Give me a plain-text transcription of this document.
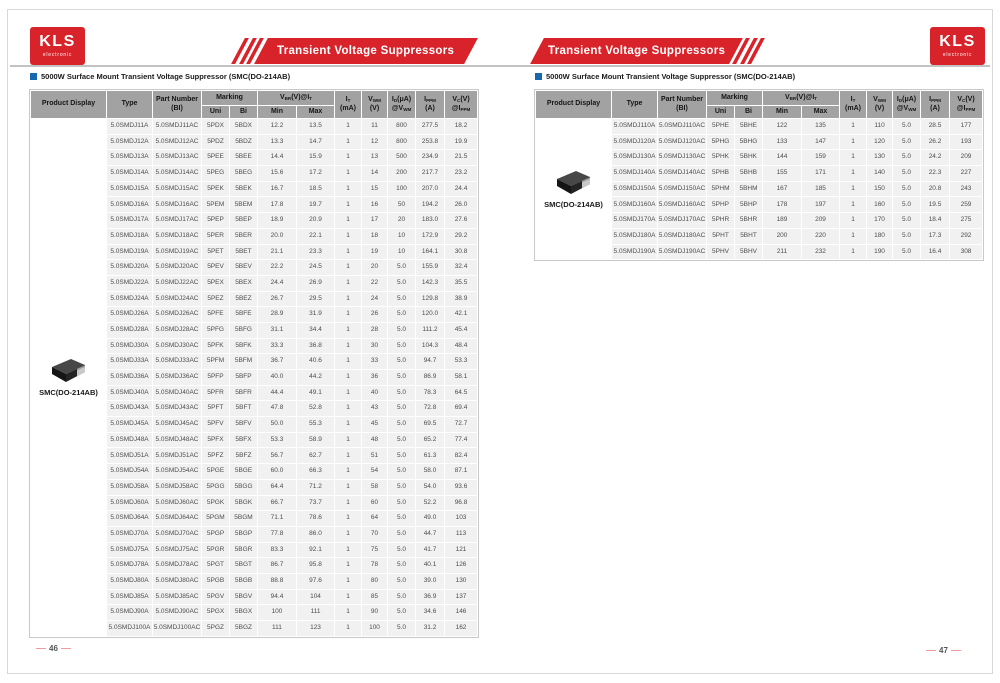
KLS
electronic	Transient Voltage Suppressors
5000W Surface Mount Transient Voltage Suppressor (SMC(DO-214AB)
Product Display	Type	
Part Number
(BI)
	Marking	$V_{BR}(V)@I_T$	$I_T$
(mA)

$V_{WM}$
(V)

$I_D(\mu A)$
$@V_{WM}$

$I_{PPM}$
(A)

$V_C(V)$
$@I_{PPM}$

			Uni	Bi	Min	Max					

SMC(DO-214AB)	5.0SMDJ11A	5.0SMDJ11AC	5PDX	5BDX	12.2	13.5	1	11	800	277.5	18.2
	5.0SMDJ12A	5.0SMDJ12AC	5PDZ	5BDZ	13.3	14.7	1	12	800	253.8	19.9
	5.0SMDJ13A	5.0SMDJ13AC	5PEE	5BEE	14.4	15.9	1	13	500	234.9	21.5
	5.0SMDJ14A	5.0SMDJ14AC	5PEG	5BEG	15.6	17.2	1	14	200	217.7	23.2
	5.0SMDJ15A	5.0SMDJ15AC	5PEK	5BEK	16.7	18.5	1	15	100	207.0	24.4
	5.0SMDJ16A	5.0SMDJ16AC	5PEM	5BEM	17.8	19.7	1	16	50	194.2	26.0
	5.0SMDJ17A	5.0SMDJ17AC	5PEP	5BEP	18.9	20.9	1	17	20	183.0	27.6
	5.0SMDJ18A	5.0SMDJ18AC	5PER	5BER	20.0	22.1	1	18	10	172.9	29.2
	5.0SMDJ19A	5.0SMDJ19AC	5PET	5BET	21.1	23.3	1	19	10	164.1	30.8
	5.0SMDJ20A	5.0SMDJ20AC	5PEV	5BEV	22.2	24.5	1	20	5.0	155.9	32.4
	5.0SMDJ22A	5.0SMDJ22AC	5PEX	5BEX	24.4	26.9	1	22	5.0	142.3	35.5
	5.0SMDJ24A	5.0SMDJ24AC	5PEZ	5BEZ	26.7	29.5	1	24	5.0	129.8	38.9
	5.0SMDJ26A	5.0SMDJ26AC	5PFE	5BFE	28.9	31.9	1	26	5.0	120.0	42.1
	5.0SMDJ28A	5.0SMDJ28AC	5PFG	5BFG	31.1	34.4	1	28	5.0	111.2	45.4
	5.0SMDJ30A	5.0SMDJ30AC	5PFK	5BFK	33.3	36.8	1	30	5.0	104.3	48.4
	5.0SMDJ33A	5.0SMDJ33AC	5PFM	5BFM	36.7	40.6	1	33	5.0	94.7	53.3
	5.0SMDJ36A	5.0SMDJ36AC	5PFP	5BFP	40.0	44.2	1	36	5.0	86.9	58.1
	5.0SMDJ40A	5.0SMDJ40AC	5PFR	5BFR	44.4	49.1	1	40	5.0	78.3	64.5
	5.0SMDJ43A	5.0SMDJ43AC	5PFT	5BFT	47.8	52.8	1	43	5.0	72.8	69.4
	5.0SMDJ45A	5.0SMDJ45AC	5PFV	5BFV	50.0	55.3	1	45	5.0	69.5	72.7
	5.0SMDJ48A	5.0SMDJ48AC	5PFX	5BFX	53.3	58.9	1	48	5.0	65.2	77.4
	5.0SMDJ51A	5.0SMDJ51AC	5PFZ	5BFZ	56.7	62.7	1	51	5.0	61.3	82.4
	5.0SMDJ54A	5.0SMDJ54AC	5PGE	5BGE	60.0	66.3	1	54	5.0	58.0	87.1
	5.0SMDJ58A	5.0SMDJ58AC	5PGG	5BGG	64.4	71.2	1	58	5.0	54.0	93.6
	5.0SMDJ60A	5.0SMDJ60AC	5PGK	5BGK	66.7	73.7	1	60	5.0	52.2	96.8
	5.0SMDJ64A	5.0SMDJ64AC	5PGM	5BGM	71.1	78.6	1	64	5.0	49.0	103
	5.0SMDJ70A	5.0SMDJ70AC	5PGP	5BGP	77.8	86.0	1	70	5.0	44.7	113
	5.0SMDJ75A	5.0SMDJ75AC	5PGR	5BGR	83.3	92.1	1	75	5.0	41.7	121
	5.0SMDJ78A	5.0SMDJ78AC	5PGT	5BGT	86.7	95.8	1	78	5.0	40.1	126
	5.0SMDJ80A	5.0SMDJ80AC	5PGB	5BGB	88.8	97.6	1	80	5.0	39.0	130
	5.0SMDJ85A	5.0SMDJ85AC	5PGV	5BGV	94.4	104	1	85	5.0	36.9	137
	5.0SMDJ90A	5.0SMDJ90AC	5PGX	5BGX	100	111	1	90	5.0	34.6	146
	5.0SMDJ100A	5.0SMDJ100AC	5PGZ	5BGZ	111	123	1	100	5.0	31.2	162
46
KLS
electronic
Transient Voltage Suppressors
5000W Surface Mount Transient Voltage Suppressor (SMC(DO-214AB)
Product Display	Type	
Part Number
(BI)
	Marking	$V_{BR}(V)@I_T$	$I_T$
(mA)

$V_{WM}$
(V)

$I_D(\mu A)$
$@V_{WM}$

$I_{PPM}$
(A)

$V_C(V)$
$@I_{PPM}$

			Uni	Bi	Min	Max					

SMC(DO-214AB)	5.0SMDJ110A	5.0SMDJ110AC	5PHE	5BHE	122	135	1	110	5.0	28.5	177
	5.0SMDJ120A	5.0SMDJ120AC	5PHG	5BHG	133	147	1	120	5.0	26.2	193
	5.0SMDJ130A	5.0SMDJ130AC	5PHK	5BHK	144	159	1	130	5.0	24.2	209
	5.0SMDJ140A	5.0SMDJ140AC	5PHB	5BHB	155	171	1	140	5.0	22.3	227
	5.0SMDJ150A	5.0SMDJ150AC	5PHM	5BHM	167	185	1	150	5.0	20.8	243
	5.0SMDJ160A	5.0SMDJ160AC	5PHP	5BHP	178	197	1	160	5.0	19.5	259
	5.0SMDJ170A	5.0SMDJ170AC	5PHR	5BHR	189	209	1	170	5.0	18.4	275
	5.0SMDJ180A	5.0SMDJ180AC	5PHT	5BHT	200	220	1	180	5.0	17.3	292
	5.0SMDJ190A	5.0SMDJ190AC	5PHV	5BHV	211	232	1	190	5.0	16.4	308
47
